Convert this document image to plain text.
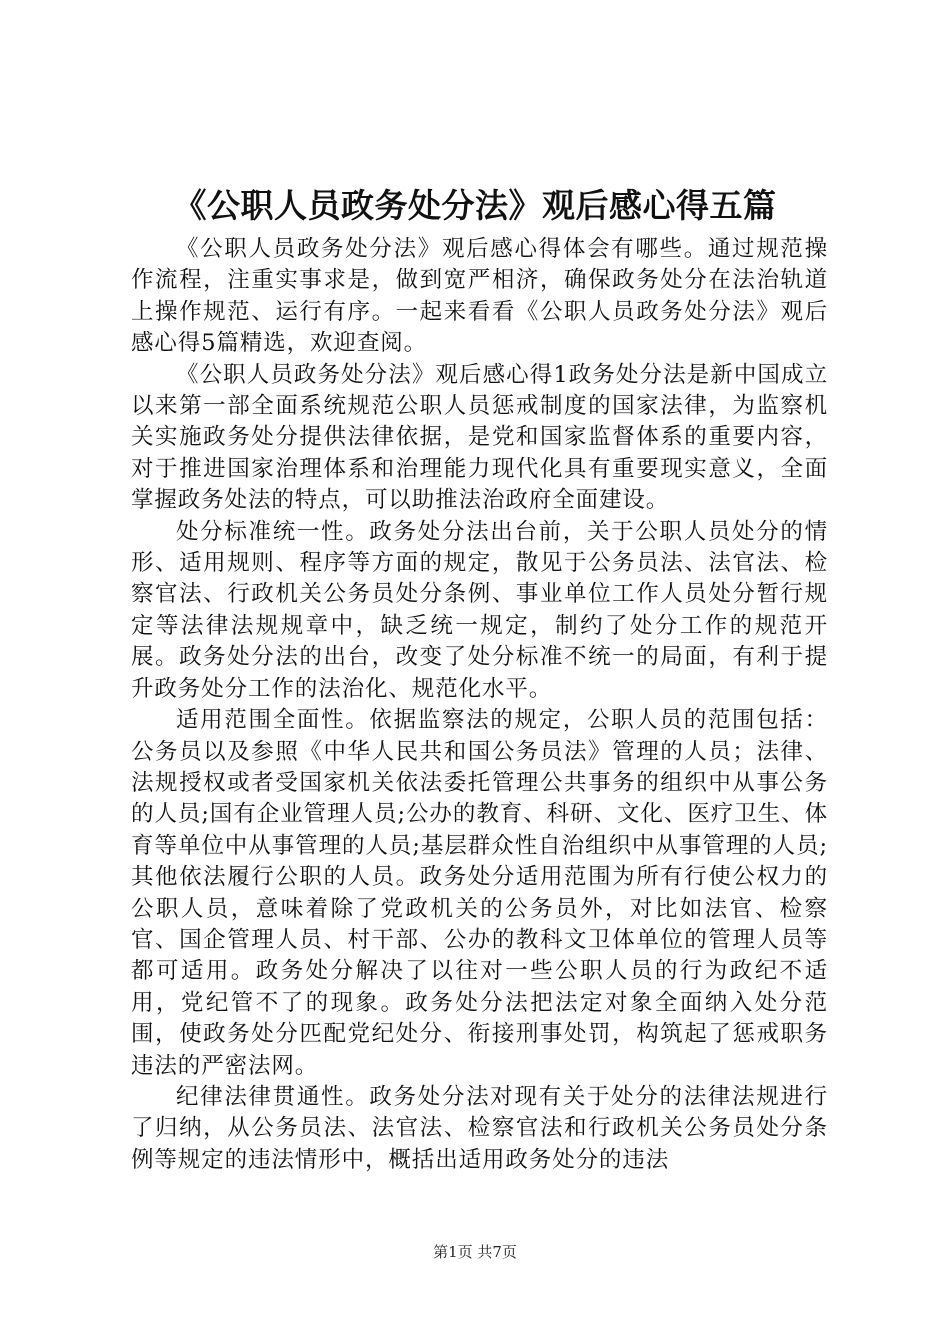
《公职人员政务处分法》观后感心得五篇

《公职人员政务处分法》观后感心得体会有哪些。通过规范操作流程，注重实事求是，做到宽严相济，确保政务处分在法治轨道上操作规范、运行有序。一起来看看《公职人员政务处分法》观后感心得5篇精选，欢迎查阅。

《公职人员政务处分法》观后感心得1政务处分法是新中国成立以来第一部全面系统规范公职人员惩戒制度的国家法律，为监察机关实施政务处分提供法律依据，是党和国家监督体系的重要内容，对于推进国家治理体系和治理能力现代化具有重要现实意义，全面掌握政务处法的特点，可以助推法治政府全面建设。

处分标准统一性。政务处分法出台前，关于公职人员处分的情形、适用规则、程序等方面的规定，散见于公务员法、法官法、检察官法、行政机关公务员处分条例、事业单位工作人员处分暂行规定等法律法规规章中，缺乏统一规定，制约了处分工作的规范开展。政务处分法的出台，改变了处分标准不统一的局面，有利于提升政务处分工作的法治化、规范化水平。

适用范围全面性。依据监察法的规定，公职人员的范围包括：公务员以及参照《中华人民共和国公务员法》管理的人员；法律、法规授权或者受国家机关依法委托管理公共事务的组织中从事公务的人员;国有企业管理人员;公办的教育、科研、文化、医疗卫生、体育等单位中从事管理的人员;基层群众性自治组织中从事管理的人员;其他依法履行公职的人员。政务处分适用范围为所有行使公权力的公职人员，意味着除了党政机关的公务员外，对比如法官、检察官、国企管理人员、村干部、公办的教科文卫体单位的管理人员等都可适用。政务处分解决了以往对一些公职人员的行为政纪不适用，党纪管不了的现象。政务处分法把法定对象全面纳入处分范围，使政务处分匹配党纪处分、衔接刑事处罚，构筑起了惩戒职务违法的严密法网。

纪律法律贯通性。政务处分法对现有关于处分的法律法规进行了归纳，从公务员法、法官法、检察官法和行政机关公务员处分条例等规定的违法情形中，概括出适用政务处分的违法

第1页 共7页
